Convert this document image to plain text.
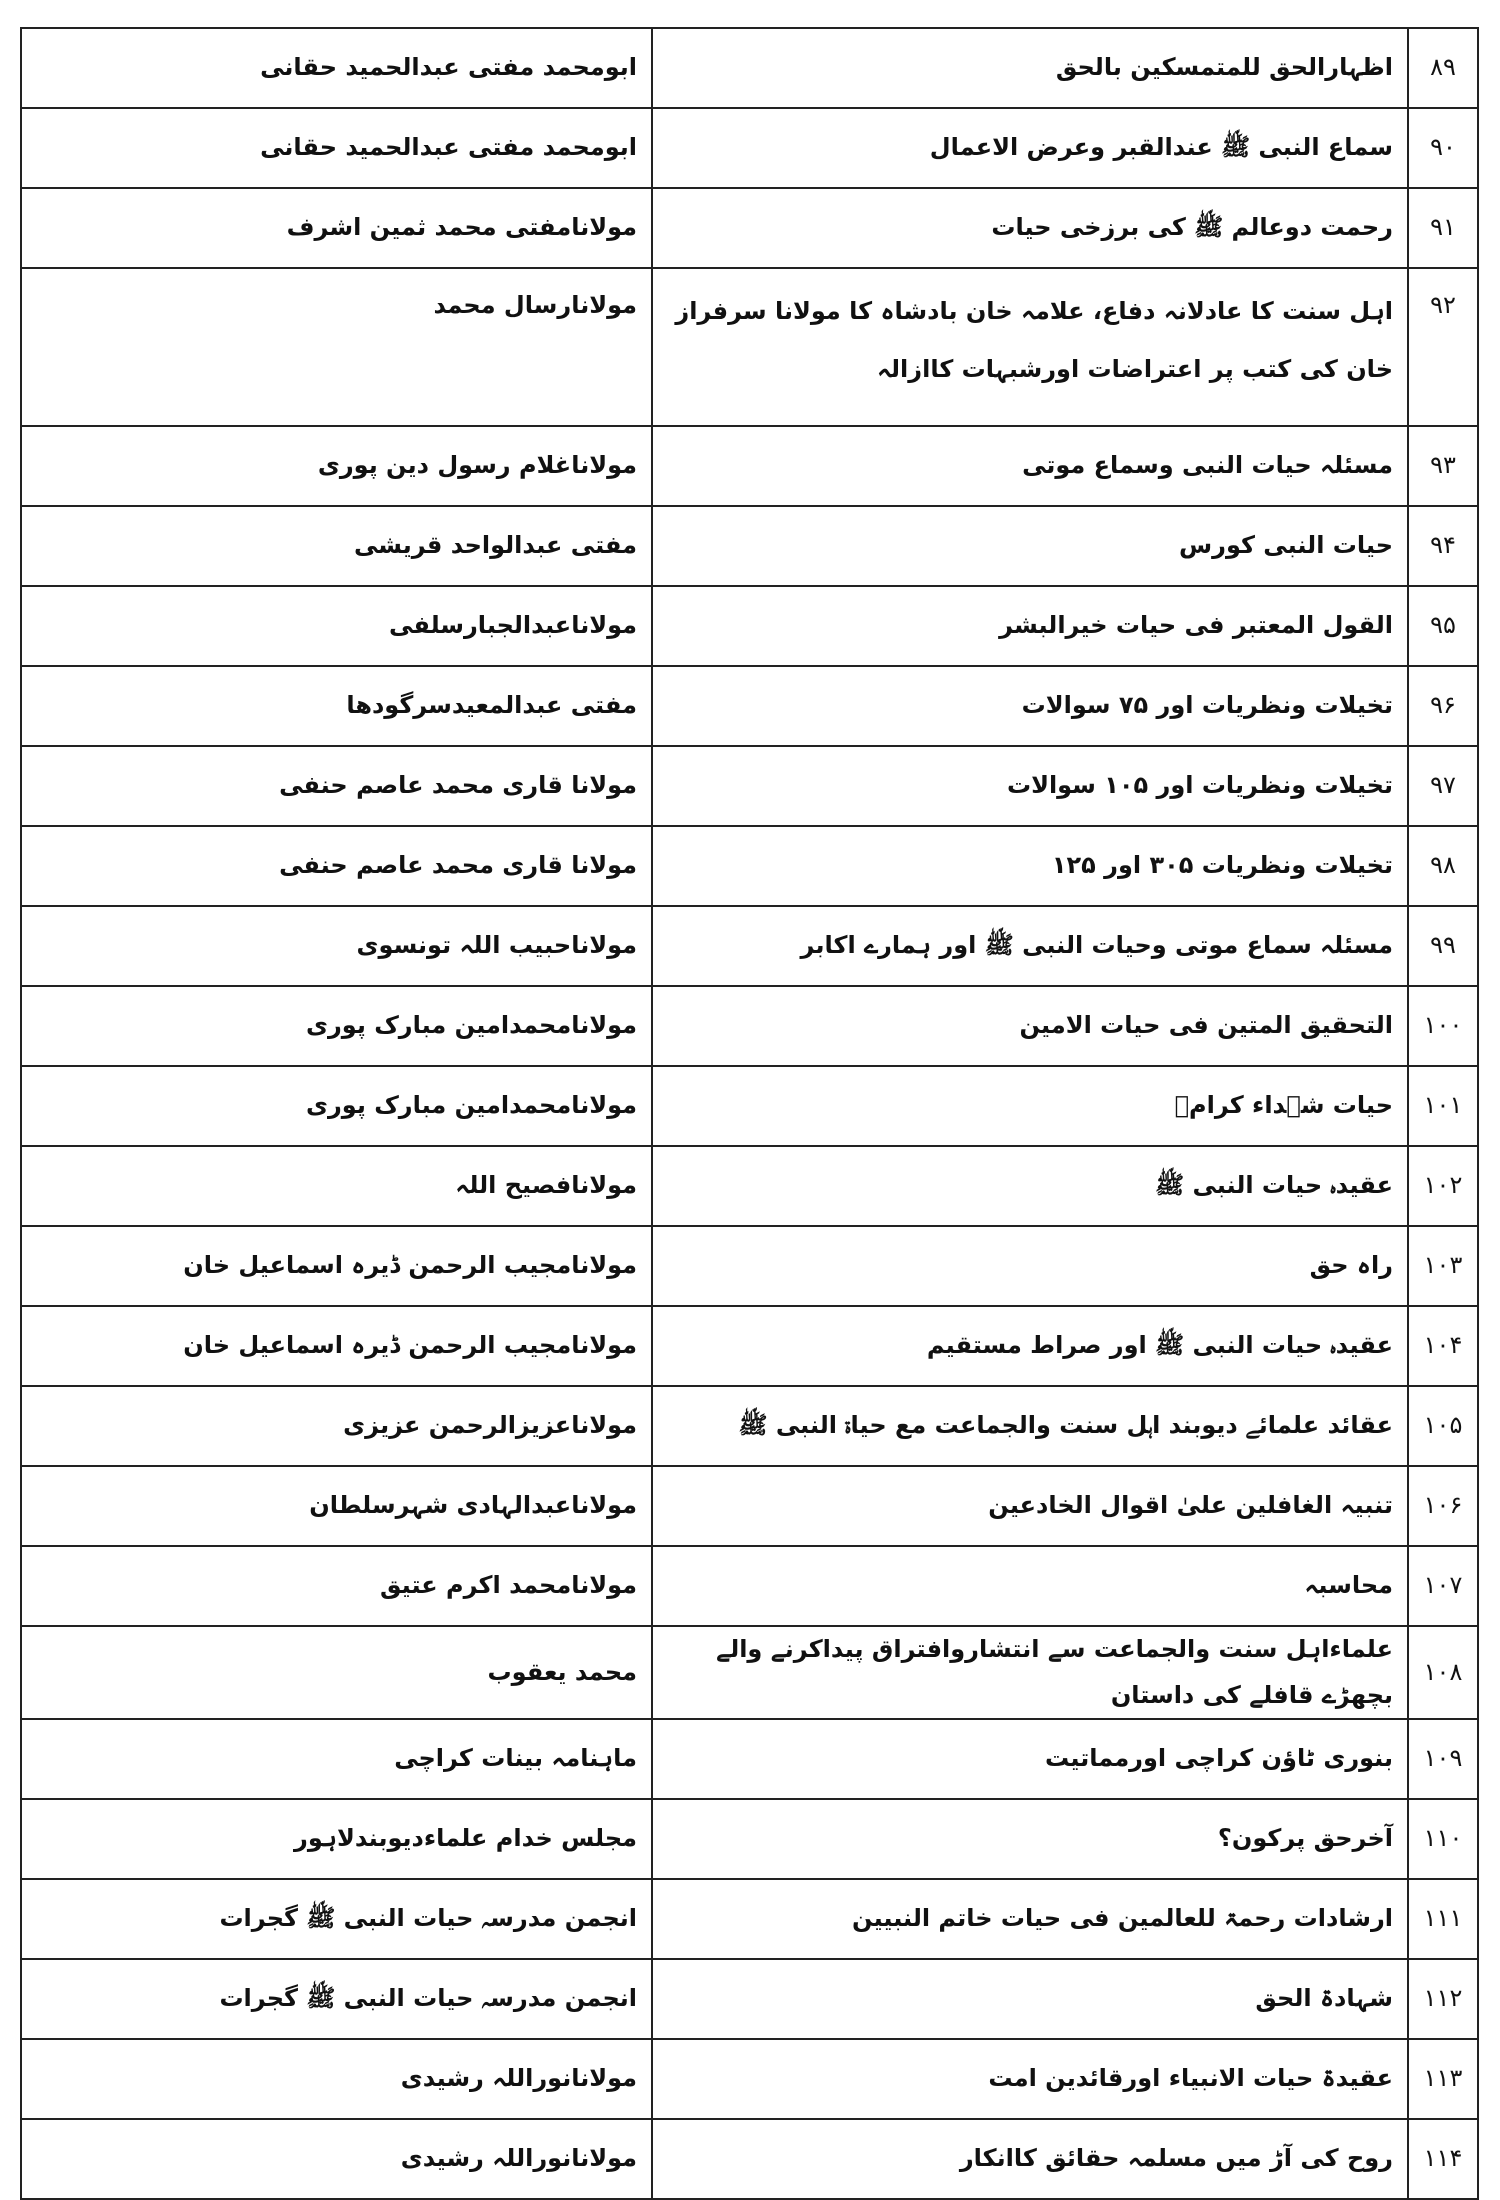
۸۹	اظہارالحق للمتمسکین بالحق	ابومحمد مفتی عبدالحمید حقانی
۹۰	سماع النبی ﷺ عندالقبر وعرض الاعمال	ابومحمد مفتی عبدالحمید حقانی
۹۱	رحمت دوعالم ﷺ کی برزخی حیات	مولانامفتی محمد ثمین اشرف
۹۲	اہل سنت کا عادلانہ دفاع، علامہ خان بادشاہ کا مولانا سرفراز خان کی کتب پر اعتراضات اورشبہات کاازالہ	مولانارسال محمد
۹۳	مسئلہ حیات النبی وسماع موتی	مولاناغلام رسول دین پوری
۹۴	حیات النبی کورس	مفتی عبدالواحد قریشی
۹۵	القول المعتبر فی حیات خیرالبشر	مولاناعبدالجبارسلفی
۹۶	تخیلات ونظریات اور ۷۵ سوالات	مفتی عبدالمعیدسرگودھا
۹۷	تخیلات ونظریات اور ۱۰۵ سوالات	مولانا قاری محمد عاصم حنفی
۹۸	تخیلات ونظریات ۳۰۵ اور ۱۲۵	مولانا قاری محمد عاصم حنفی
۹۹	مسئلہ سماع موتی وحیات النبی ﷺ اور ہمارے اکابر	مولاناحبیب اللہ تونسوی
۱۰۰	التحقیق المتین فی حیات الامین	مولانامحمدامین مبارک پوری
۱۰۱	حیات شہداء کرامؓ	مولانامحمدامین مبارک پوری
۱۰۲	عقیدہ حیات النبی ﷺ	مولانافصیح اللہ
۱۰۳	راہ حق	مولانامجیب الرحمن ڈیرہ اسماعیل خان
۱۰۴	عقیدہ حیات النبی ﷺ اور صراط مستقیم	مولانامجیب الرحمن ڈیرہ اسماعیل خان
۱۰۵	عقائد علمائے دیوبند اہل سنت والجماعت مع حیاۃ النبی ﷺ	مولاناعزیزالرحمن عزیزی
۱۰۶	تنبیہ الغافلین علیٰ اقوال الخادعین	مولاناعبدالہادی شہرسلطان
۱۰۷	محاسبہ	مولانامحمد اکرم عتیق
۱۰۸	علماءاہل سنت والجماعت سے انتشاروافتراق پیداکرنے والے بچھڑے قافلے کی داستان	محمد یعقوب
۱۰۹	بنوری ٹاؤن کراچی اورمماتیت	ماہنامہ بینات کراچی
۱۱۰	آخرحق پرکون؟	مجلس خدام علماءدیوبندلاہور
۱۱۱	ارشادات رحمۃ للعالمین فی حیات خاتم النبیین	انجمن مدرسہ حیات النبی ﷺ گجرات
۱۱۲	شہادۃ الحق	انجمن مدرسہ حیات النبی ﷺ گجرات
۱۱۳	عقیدۃ حیات الانبیاء اورقائدین امت	مولانانوراللہ رشیدی
۱۱۴	روح کی آڑ میں مسلمہ حقائق کاانکار	مولانانوراللہ رشیدی
